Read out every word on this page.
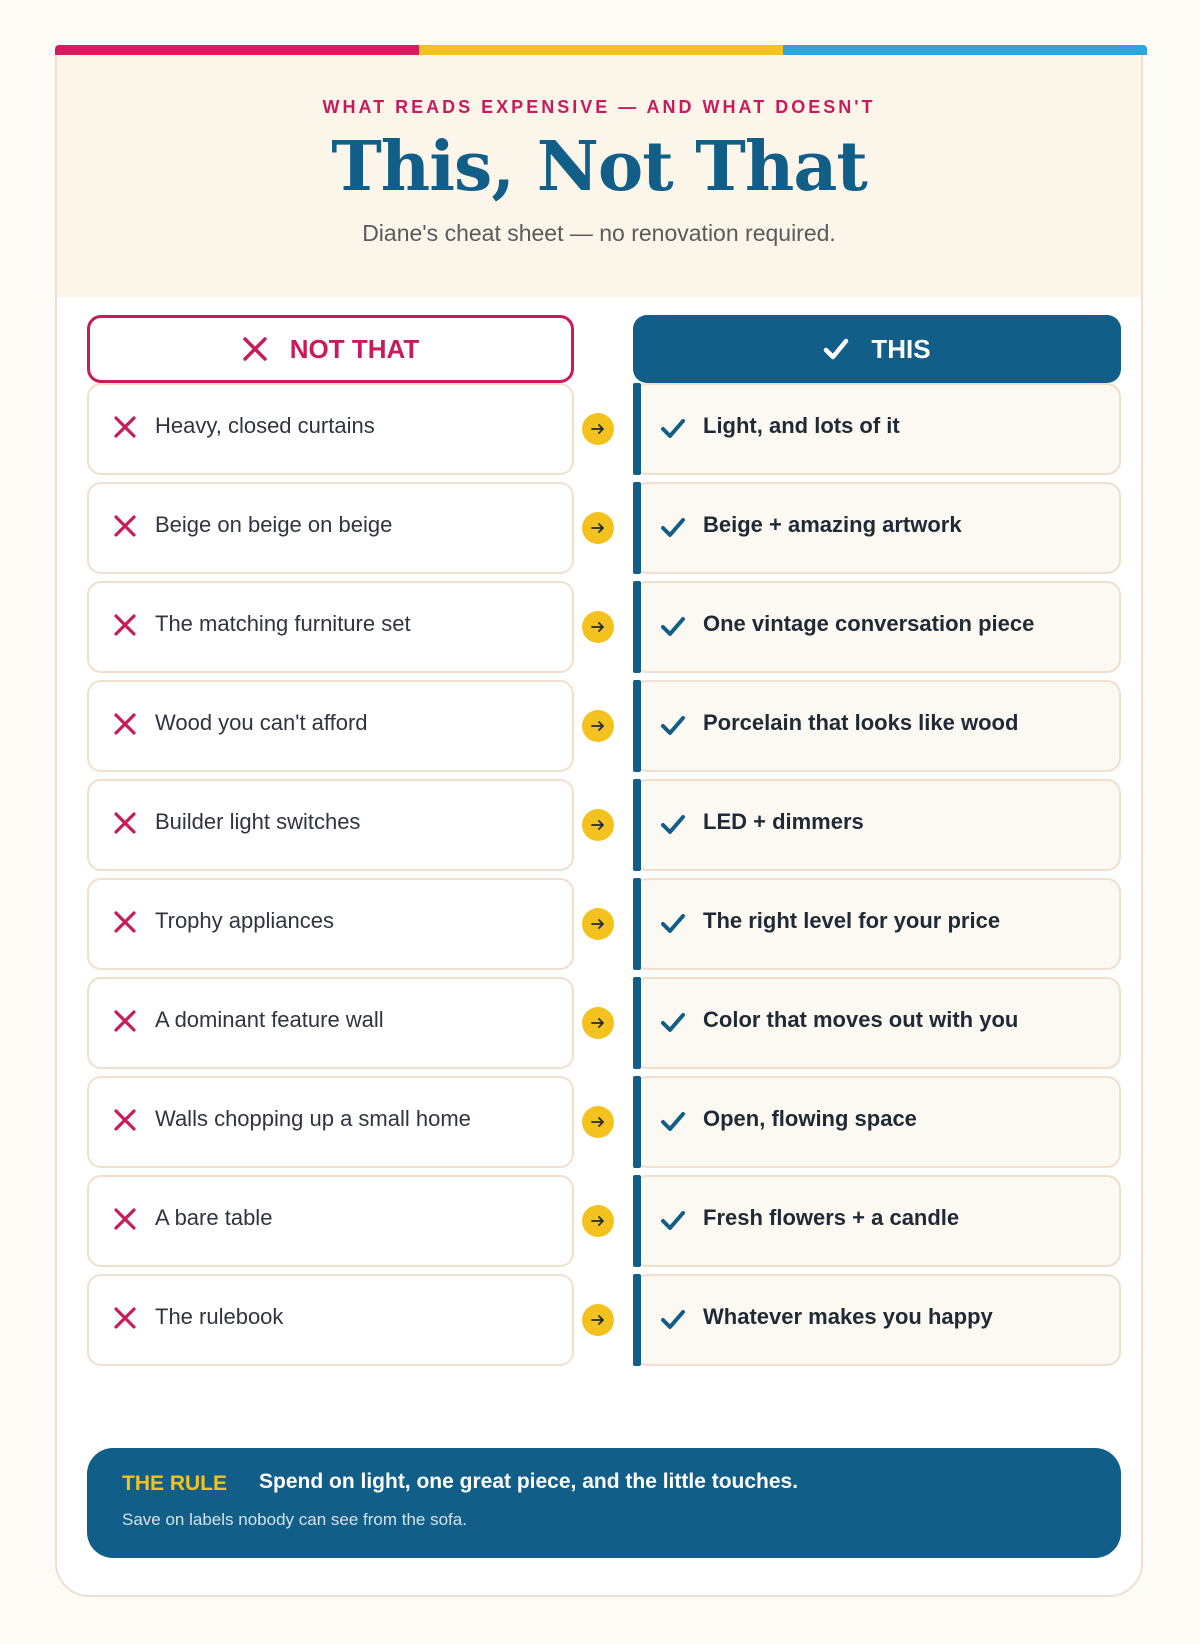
WHAT READS EXPENSIVE — AND WHAT DOESN'T
This, Not That
Diane's cheat sheet — no renovation required.
NOT THAT	THIS
Heavy, closed curtains	Light, and lots of it
Beige on beige on beige	Beige + amazing artwork
The matching furniture set	One vintage conversation piece
Wood you can't afford	Porcelain that looks like wood
Builder light switches	LED + dimmers
Trophy appliances	The right level for your price
A dominant feature wall	Color that moves out with you
Walls chopping up a small home	Open, flowing space
A bare table	Fresh flowers + a candle
The rulebook	Whatever makes you happy
THE RULE Spend on light, one great piece, and the little touches.
Save on labels nobody can see from the sofa.
